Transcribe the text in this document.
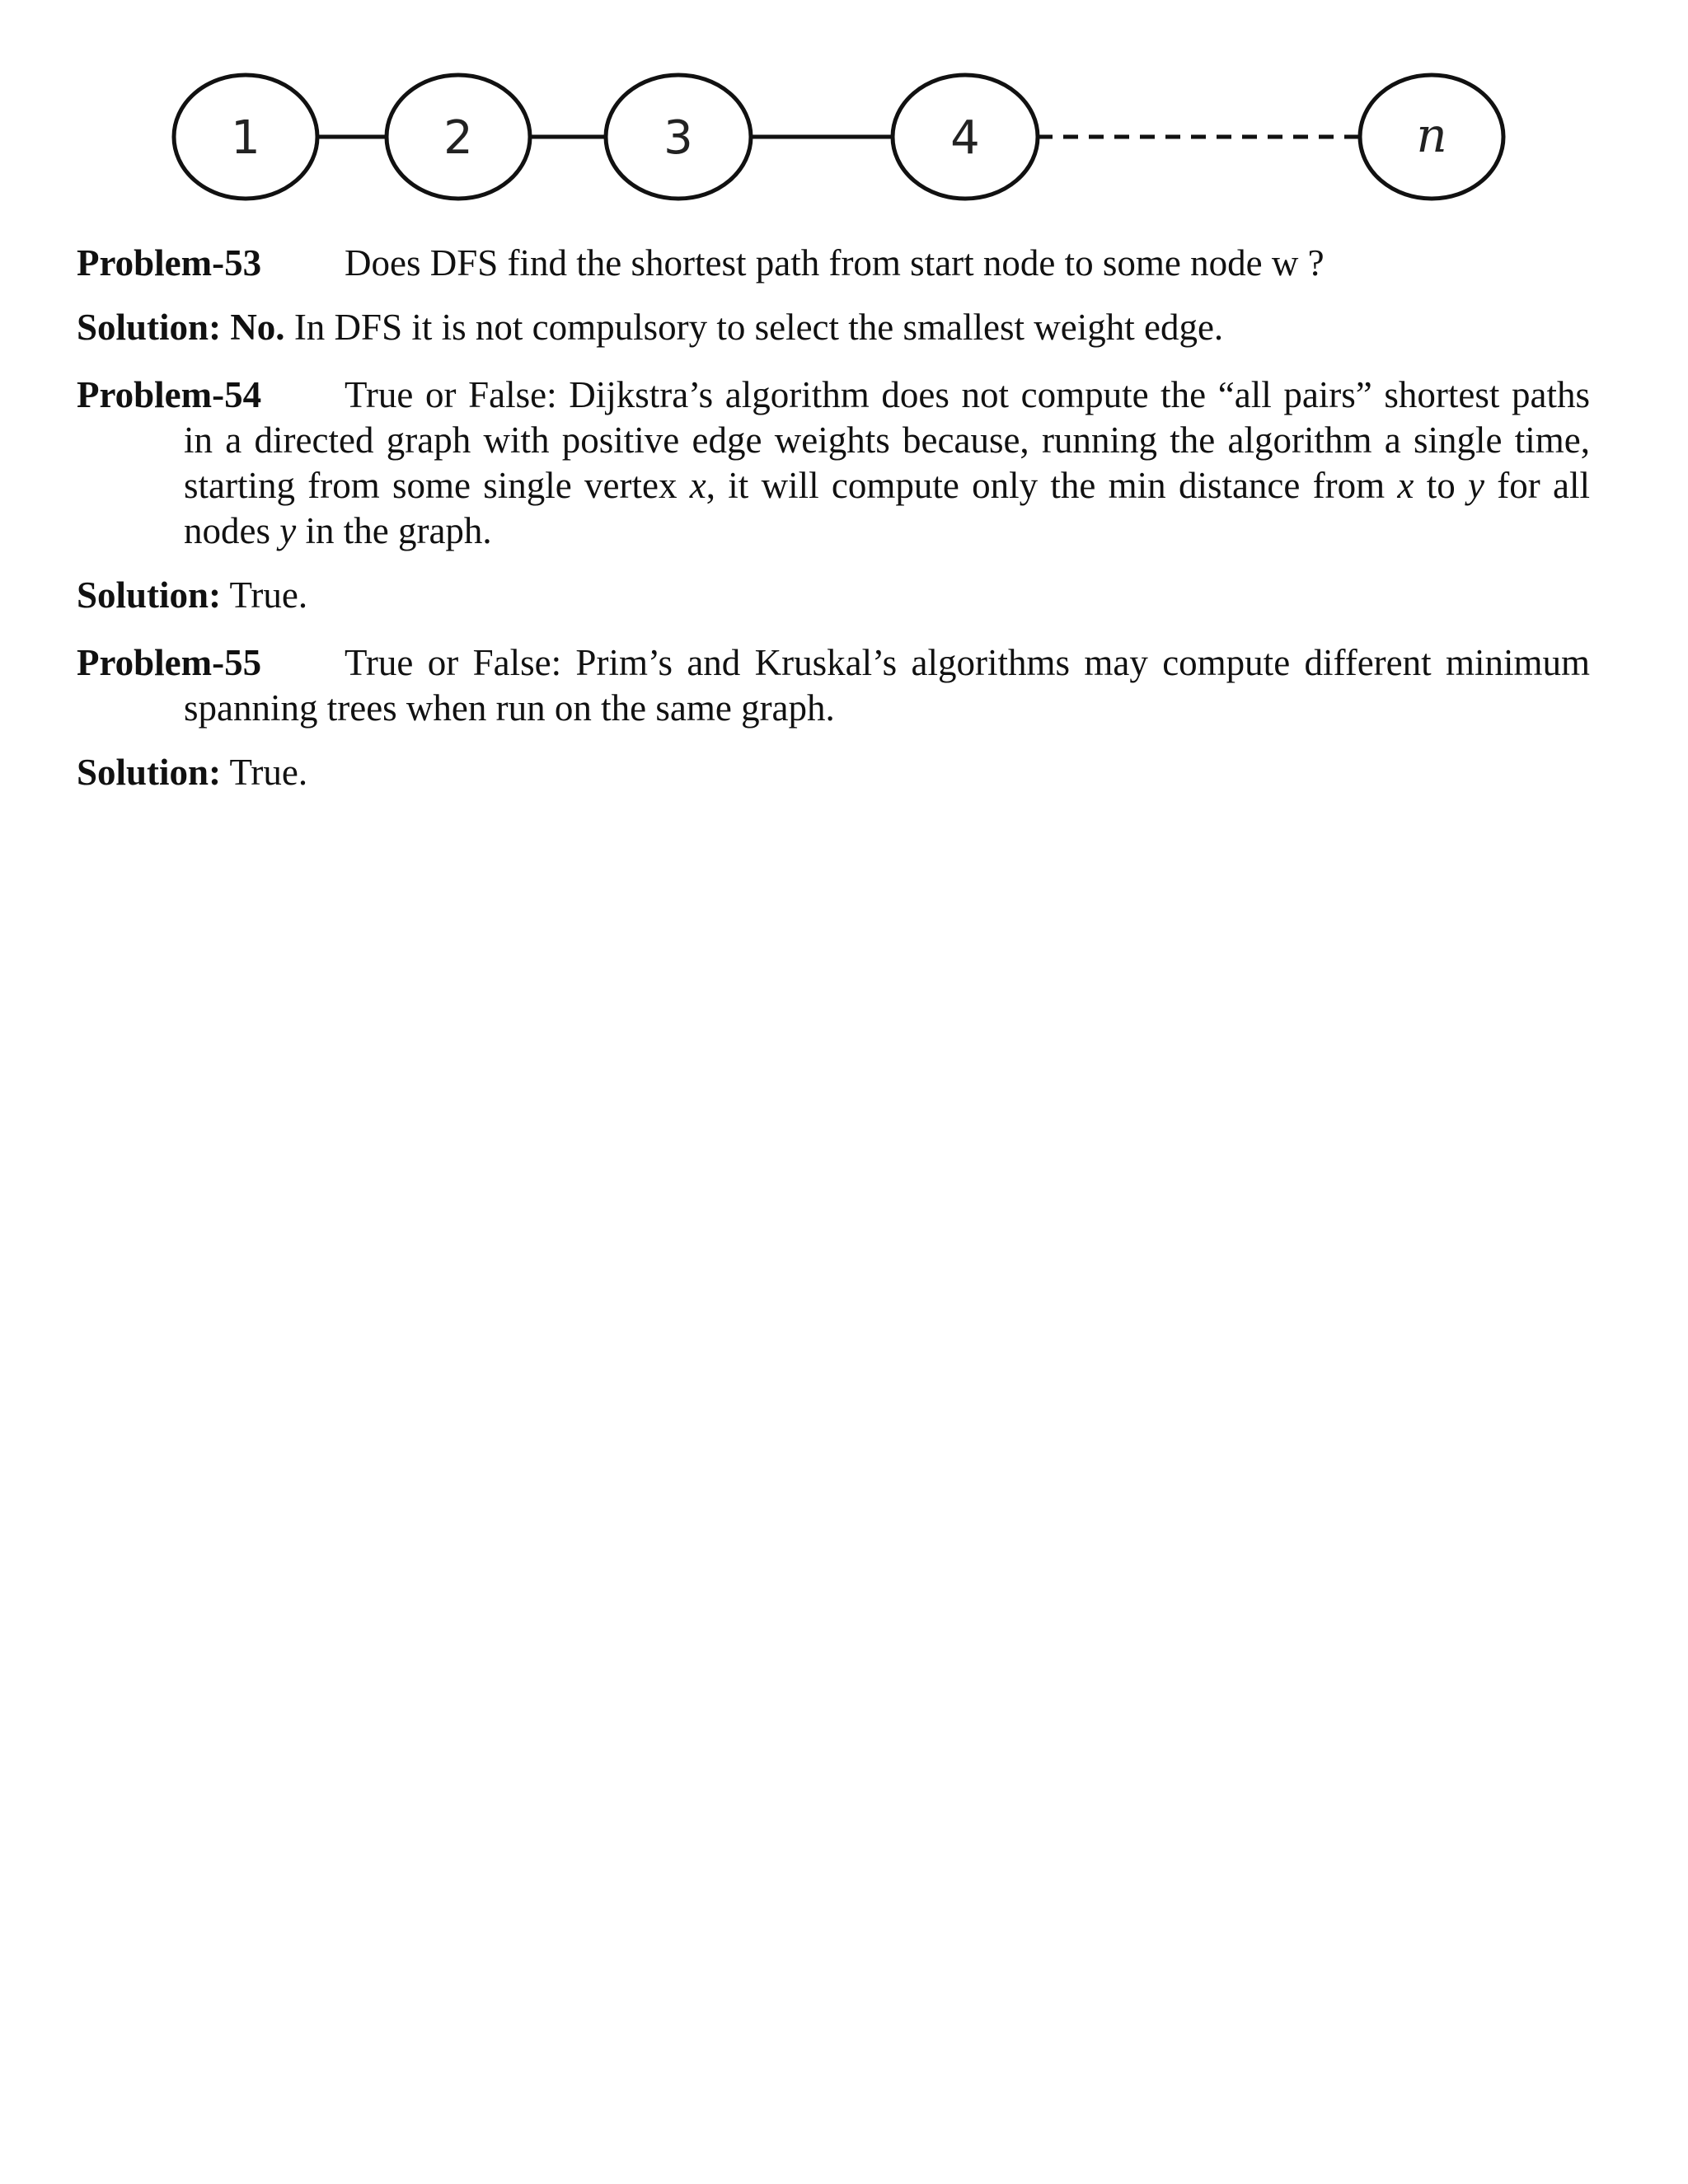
1	2	3	4	n

Problem-53 Does DFS find the shortest path from start node to some node w ?

Solution: No. In DFS it is not compulsory to select the smallest weight edge.

Problem-54 True or False: Dijkstra’s algorithm does not compute the “all pairs” shortest paths in a directed graph with positive edge weights because, running the algorithm a single time, starting from some single vertex x, it will compute only the min distance from x to y for all nodes y in the graph.

Solution: True.

Problem-55 True or False: Prim’s and Kruskal’s algorithms may compute different minimum spanning trees when run on the same graph.

Solution: True.
